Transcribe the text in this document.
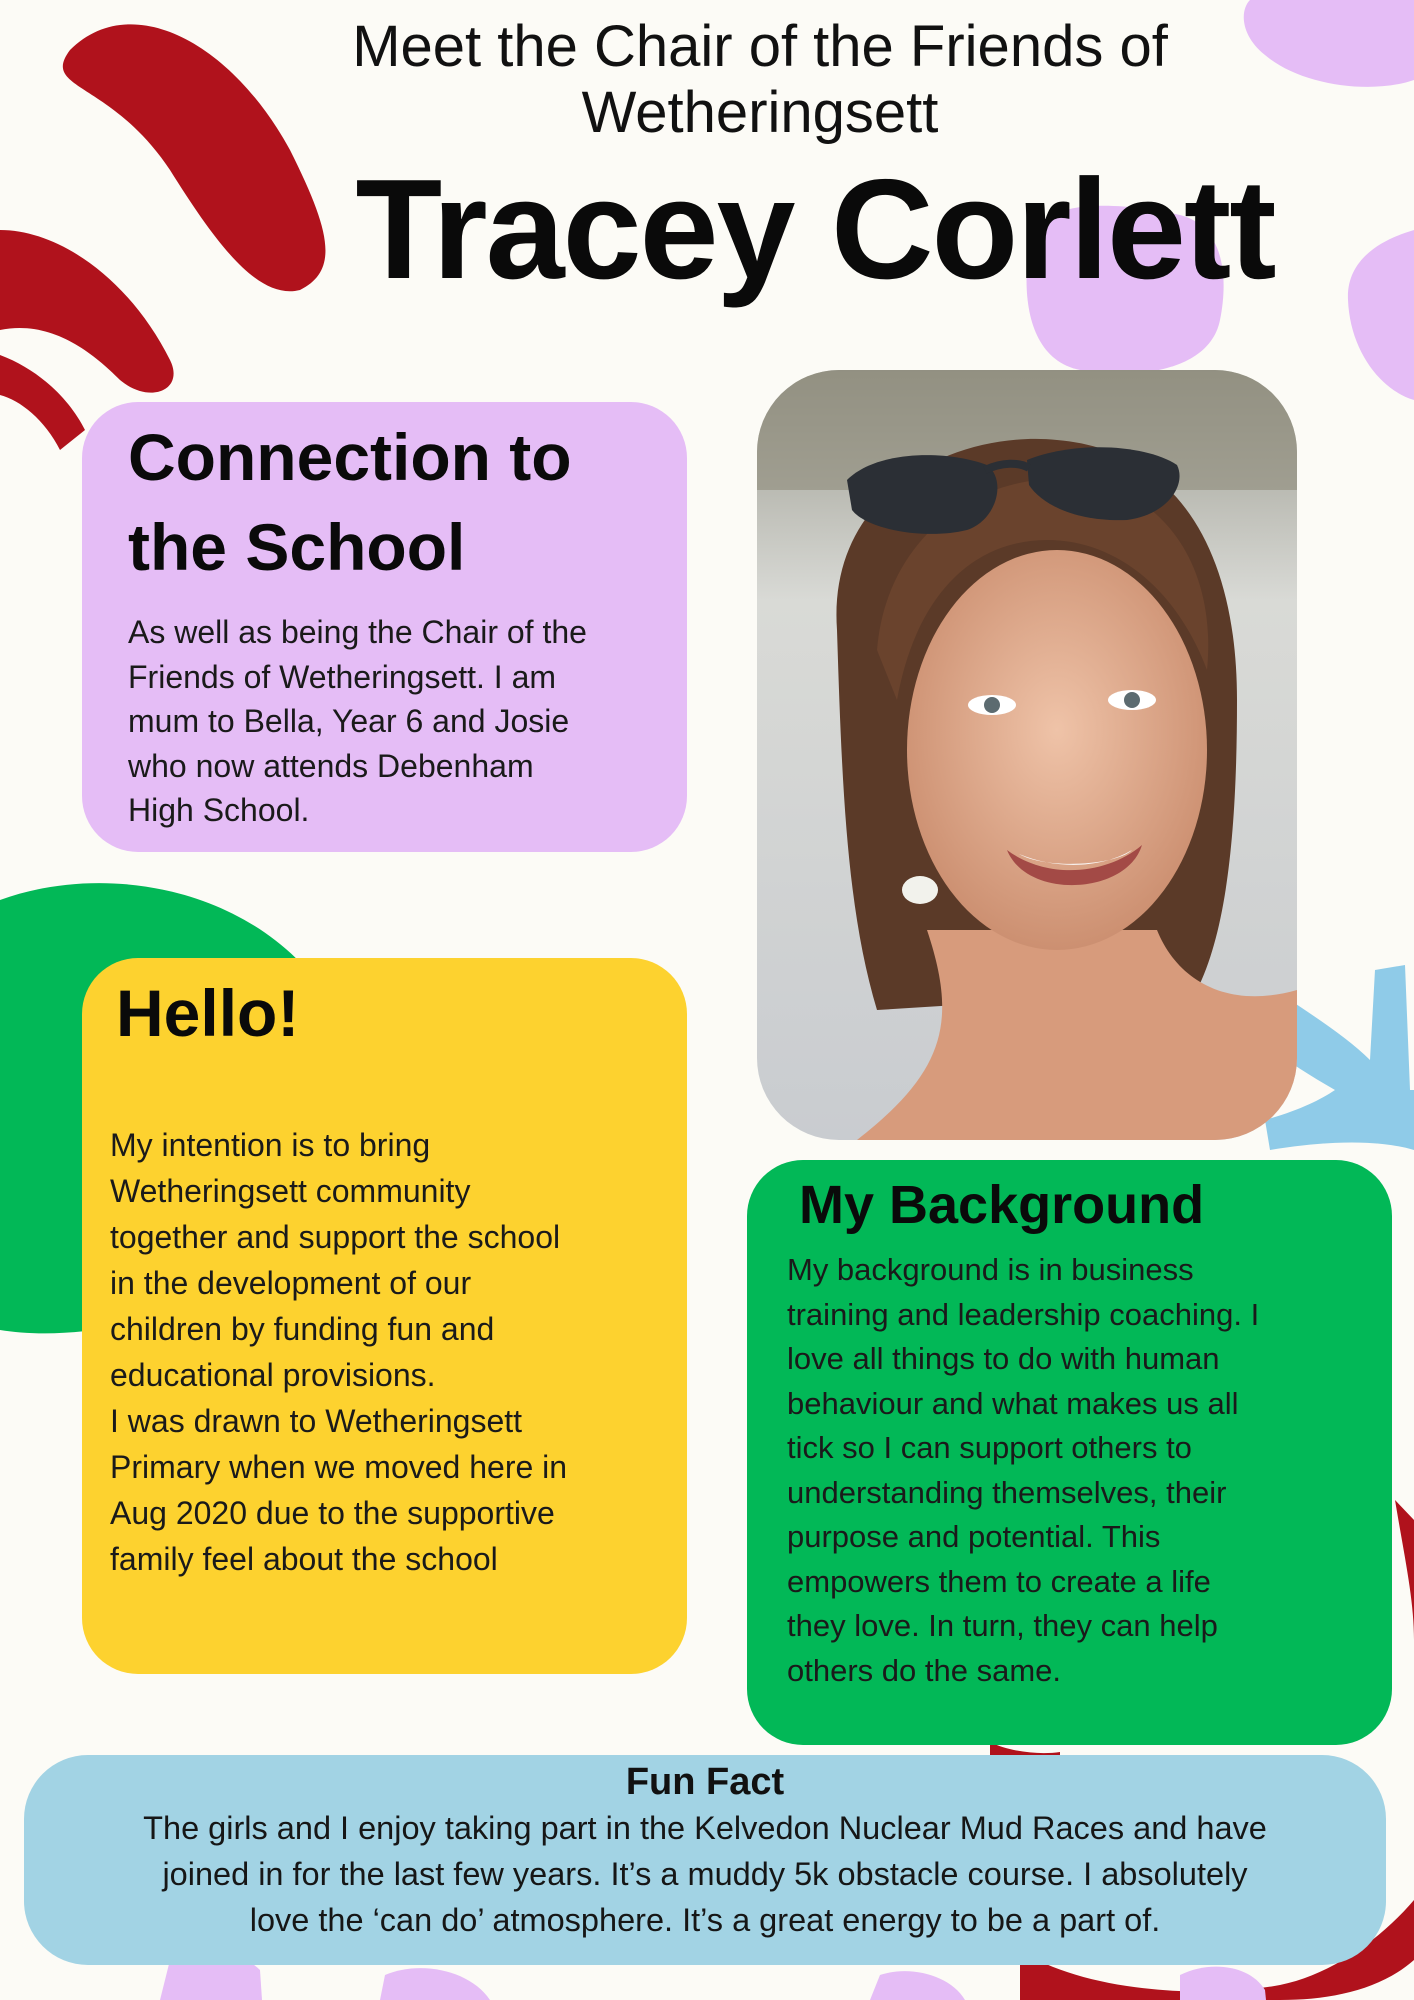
Meet the Chair of the Friends of
Wetheringsett
Tracey Corlett
Connection to
the School

As well as being the Chair of the
Friends of Wetheringsett. I am
mum to Bella, Year 6 and Josie
who now attends Debenham
High School.

Hello!

My intention is to bring
Wetheringsett community
together and support the school
in the development of our
children by funding fun and
educational provisions.
I was drawn to Wetheringsett
Primary when we moved here in
Aug 2020 due to the supportive
family feel about the school

My Background

My background is in business
training and leadership coaching. I
love all things to do with human
behaviour and what makes us all
tick so I can support others to
understanding themselves, their
purpose and potential. This
empowers them to create a life
they love. In turn, they can help
others do the same.

Fun Fact

The girls and I enjoy taking part in the Kelvedon Nuclear Mud Races and have
joined in for the last few years. It’s a muddy 5k obstacle course. I absolutely
love the ‘can do’ atmosphere. It’s a great energy to be a part of.
